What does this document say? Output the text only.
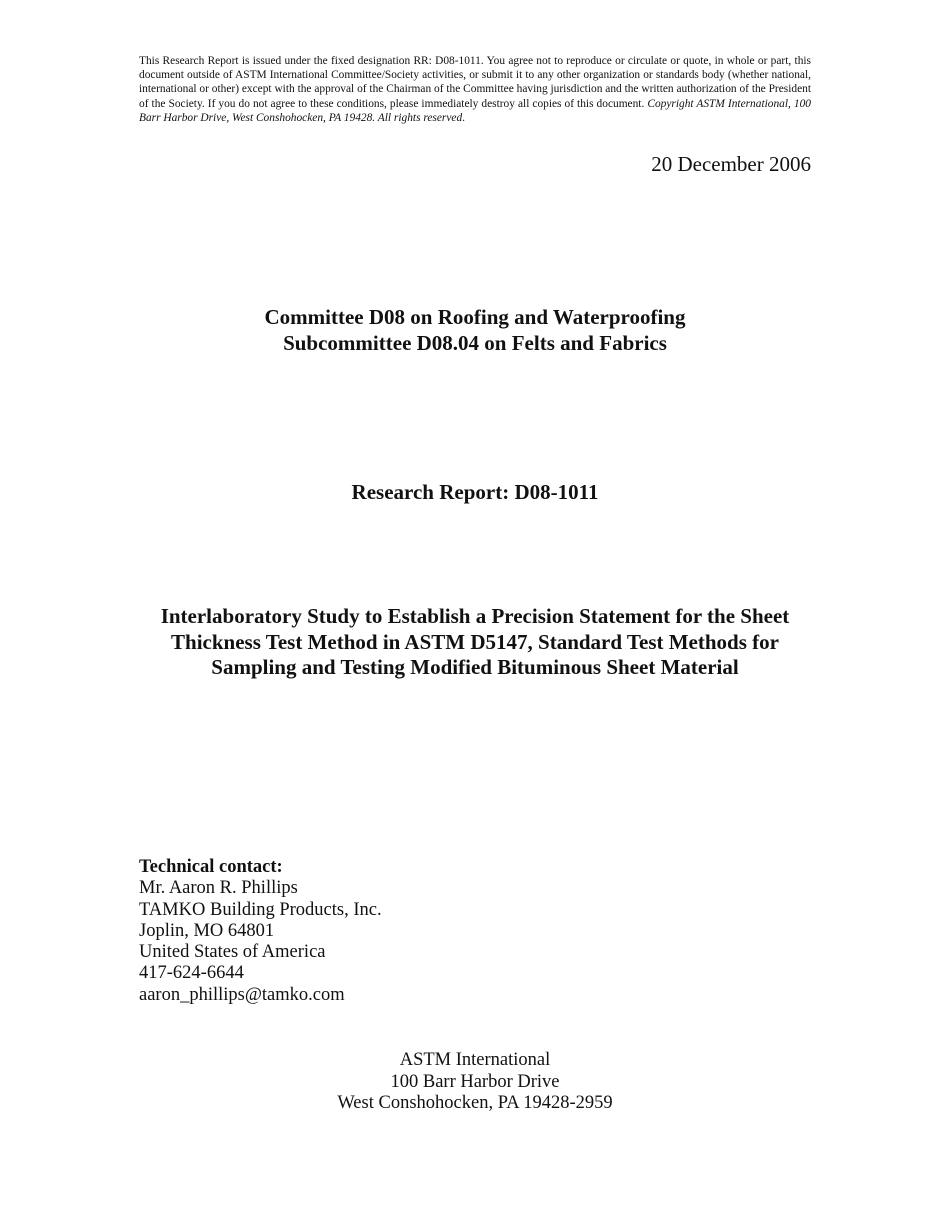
This Research Report is issued under the fixed designation RR: D08-1011. You agree not to reproduce or circulate or quote, in whole or part, this document outside of ASTM International Committee/Society activities, or submit it to any other organization or standards body (whether national, international or other) except with the approval of the Chairman of the Committee having jurisdiction and the written authorization of the President of the Society. If you do not agree to these conditions, please immediately destroy all copies of this document. Copyright ASTM International, 100 Barr Harbor Drive, West Conshohocken, PA 19428. All rights reserved.
20 December 2006
Committee D08 on Roofing and Waterproofing
Subcommittee D08.04 on Felts and Fabrics
Research Report: D08-1011
Interlaboratory Study to Establish a Precision Statement for the Sheet
Thickness Test Method in ASTM D5147, Standard Test Methods for
Sampling and Testing Modified Bituminous Sheet Material
Technical contact:
Mr. Aaron R. Phillips
TAMKO Building Products, Inc.
Joplin, MO 64801
United States of America
417-624-6644
aaron_phillips@tamko.com
ASTM International
100 Barr Harbor Drive
West Conshohocken, PA 19428-2959
